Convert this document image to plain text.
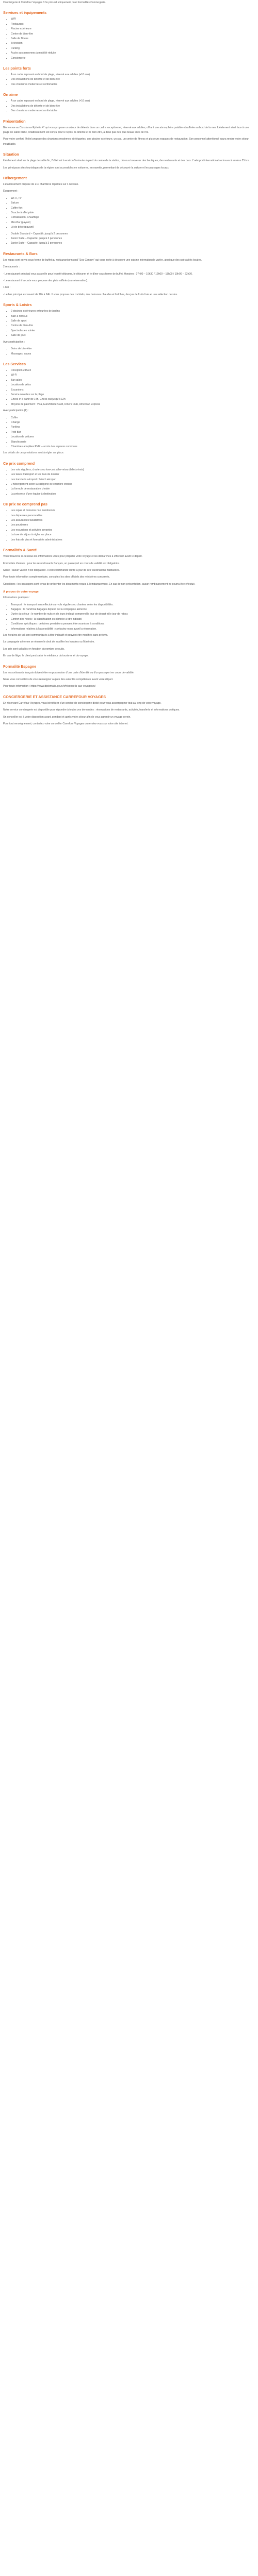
Conciergerie & Carrefour Voyages / Ce prix est uniquement pour Formalités Conciergerie.

Services et équipements
• WiFi
• Restaurant
• Piscine extérieure
• Centre de bien-être
• Salle de fitness
• Télévision
• Parking
• Accès aux personnes à mobilité réduite
• Conciergerie
Les points forts
• À un cadre reposant en bord de plage, réservé aux adultes (+16 ans)
• Des installations de détente et de bien-être
• Des chambres modernes et confortables
On aime
• À un cadre reposant en bord de plage, réservé aux adultes (+16 ans)
• Des installations de détente et de bien-être
• Des chambres modernes et confortables
Présentation

Bienvenue au Constance Ephelia 4* qui vous propose un séjour de détente dans un cadre exceptionnel, réservé aux adultes, offrant une atmosphère paisible et raffinée au bord de la mer. Idéalement situé face à une plage de sable blanc, l'établissement est conçu pour le repos, la détente et le bien-être, à deux pas des plus beaux sites de l'île.

Pour votre confort, l'hôtel propose des chambres modernes et élégantes, une piscine extérieure, un spa, un centre de fitness et plusieurs espaces de restauration. Son personnel attentionné saura rendre votre séjour inoubliable.

Situation

Idéalement situé sur la plage de sable fin, l'hôtel est à environ 5 minutes à pied du centre de la station, où vous trouverez des boutiques, des restaurants et des bars. L'aéroport international se trouve à environ 25 km.

Les principaux sites touristiques de la région sont accessibles en voiture ou en navette, permettant de découvrir la culture et les paysages locaux.

Hébergement

L'établissement dispose de 210 chambres réparties sur 4 niveaux.

Équipement :

• Wi-Fi, TV
• Balcon
• Coffre-fort
• Douche à effet pluie
• Climatisation, Chauffage
• Mini-Bar (payant)
• Lit de bébé (payant)
• Double Standard – Capacité: jusqu'à 2 personnes
• Junior Suite – Capacité: jusqu'à 2 personnes
• Junior Suite – Capacité: jusqu'à 3 personnes
Restaurants & Bars

Les repas sont servis sous forme de buffet au restaurant principal "Sea Canopy" qui vous invite à découvrir une cuisine internationale variée, ainsi que des spécialités locales.

2 restaurants :

- Le restaurant principal vous accueille pour le petit-déjeuner, le déjeuner et le dîner sous forme de buffet. Horaires : 07h00 – 10h30 / 12h00 – 15h00 / 19h00 – 22h00.

- Le restaurant à la carte vous propose des plats raffinés (sur réservation).

1 bar :

- Le bar principal est ouvert de 10h à 24h. Il vous propose des cocktails, des boissons chaudes et fraîches, des jus de fruits frais et une sélection de vins.

Sports & Loisirs
• 2 piscines extérieures entourées de jardins
• Bain à remous
• Salle de sport
• Centre de bien-être
• Spectacles en soirée
• Salle de jeux

Avec participation :

• Soins de bien-être
• Massages, sauna
Les Services
• Réception 24h/24
• Wi-Fi
• Bar salon
• Location de vélos
• Excursions
• Service navettes sur la plage
• Check-in à partir de 14h, Check-out jusqu'à 12h
• Moyens de paiement : Visa, Euro/MasterCard, Diners Club, American Express

Avec participation (€) :

• Coffre
• Change
• Parking
• Petit-Bar
• Location de voitures
• Blanchisserie
• Chambres adaptées PMR – accès des espaces communs

Les détails de ces prestations sont à régler sur place.

Ce prix comprend
• Les vols réguliers, charters ou low-cost aller-retour (billets émis)
• Les taxes d'aéroport et les frais de dossier
• Les transferts aéroport / hôtel / aéroport
• L'hébergement selon la catégorie de chambre choisie
• La formule de restauration choisie
• La présence d'une équipe à destination
Ce prix ne comprend pas
• Les repas et boissons non mentionnés
• Les dépenses personnelles
• Les assurances facultatives
• Les pourboires
• Les excursions et activités payantes
• La taxe de séjour à régler sur place
• Les frais de visa et formalités administratives
Formalités & Santé

Vous trouverez ci-dessous les informations utiles pour préparer votre voyage et les démarches à effectuer avant le départ.

Formalités d'entrée : pour les ressortissants français, un passeport en cours de validité est obligatoire.

Santé : aucun vaccin n'est obligatoire. Il est recommandé d'être à jour de ses vaccinations habituelles.

Pour toute information complémentaire, consultez les sites officiels des ministères concernés.

Conditions : les passagers sont tenus de présenter les documents requis à l'embarquement. En cas de non-présentation, aucun remboursement ne pourra être effectué.

À propos de votre voyage

Informations pratiques :

• Transport : le transport sera effectué sur vols réguliers ou charters selon les disponibilités.
• Bagages : la franchise bagages dépend de la compagnie aérienne.
• Durée du séjour : le nombre de nuits et de jours indiqué comprend le jour de départ et le jour de retour.
• Confort des hôtels : la classification est donnée à titre indicatif.
• Conditions spécifiques : certaines prestations peuvent être soumises à conditions.
• Informations relatives à l'accessibilité : contactez-nous avant la réservation.

Les horaires de vol sont communiqués à titre indicatif et peuvent être modifiés sans préavis.

La compagnie aérienne se réserve le droit de modifier les horaires ou l'itinéraire.

Les prix sont calculés en fonction du nombre de nuits.

En cas de litige, le client peut saisir le médiateur du tourisme et du voyage.

Formalité Espagne

Les ressortissants français doivent être en possession d'une carte d'identité ou d'un passeport en cours de validité.

Nous vous conseillons de vous renseigner auprès des autorités compétentes avant votre départ.

Pour toute information : https://www.diplomatie.gouv.fr/fr/conseils-aux-voyageurs/

CONCIERGERIE ET ASSISTANCE CARREFOUR VOYAGES

En réservant Carrefour Voyages, vous bénéficiez d'un service de conciergerie dédié pour vous accompagner tout au long de votre voyage.

Notre service conciergerie est disponible pour répondre à toutes vos demandes : réservations de restaurants, activités, transferts et informations pratiques.

Un conseiller est à votre disposition avant, pendant et après votre séjour afin de vous garantir un voyage serein.

Pour tout renseignement, contactez votre conseiller Carrefour Voyages ou rendez-vous sur notre site internet.
